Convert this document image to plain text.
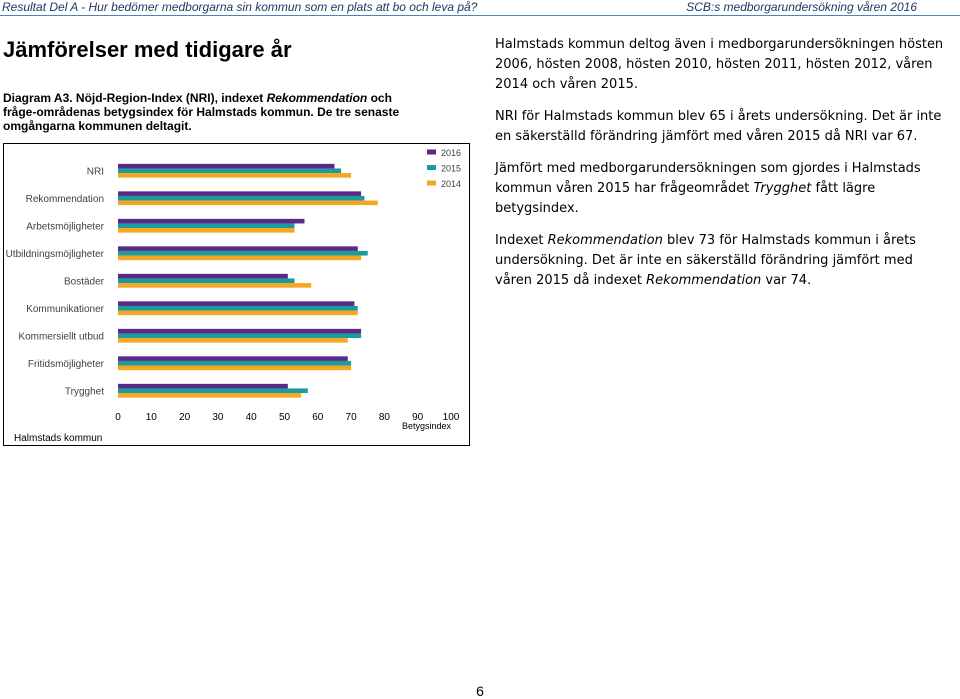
Resultat Del A - Hur bedömer medborgarna sin kommun som en plats att bo och leva på?	SCB:s medborgarundersökning våren 2016
Jämförelser med tidigare år
Diagram A3. Nöjd-Region-Index (NRI), indexet Rekommendation och fråge-områdenas betygsindex för Halmstads kommun. De tre senaste omgångarna kommunen deltagit.
NRI
Rekommendation
Arbetsmöjligheter
Utbildningsmöjligheter
Bostäder
Kommunikationer
Kommersiellt utbud
Fritidsmöjligheter
Trygghet
0 10 20 30 40 50 60 70 80 90 100
Betygsindex
2016
2015
2014
Halmstads kommun

Halmstads kommun deltog även i medborgarundersökningen hösten 2006, hösten 2008, hösten 2010, hösten 2011, hösten 2012, våren 2014 och våren 2015.

NRI för Halmstads kommun blev 65 i årets undersökning. Det är inte en säkerställd förändring jämfört med våren 2015 då NRI var 67.

Jämfört med medborgarundersökningen som gjordes i Halmstads kommun våren 2015 har frågeområdet Trygghet fått lägre betygsindex.

Indexet Rekommendation blev 73 för Halmstads kommun i årets undersökning. Det är inte en säkerställd förändring jämfört med våren 2015 då indexet Rekommendation var 74.

6
